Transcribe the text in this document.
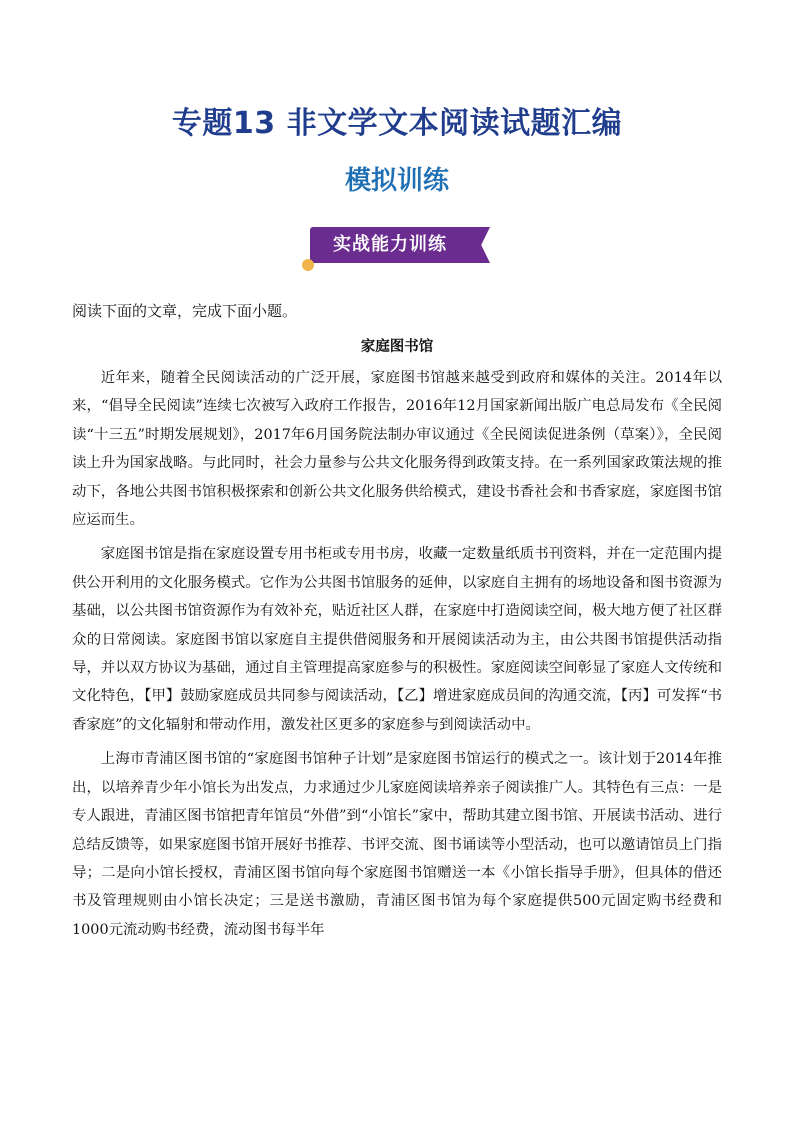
专题13 非文学文本阅读试题汇编
模拟训练
实战能力训练
阅读下面的文章，完成下面小题。
家庭图书馆

近年来，随着全民阅读活动的广泛开展，家庭图书馆越来越受到政府和媒体的关注。2014年以来，“倡导全民阅读”连续七次被写入政府工作报告，2016年12月国家新闻出版广电总局发布《全民阅读“十三五”时期发展规划》，2017年6月国务院法制办审议通过《全民阅读促进条例（草案）》，全民阅读上升为国家战略。与此同时，社会力量参与公共文化服务得到政策支持。在一系列国家政策法规的推动下，各地公共图书馆积极探索和创新公共文化服务供给模式，建设书香社会和书香家庭，家庭图书馆应运而生。

家庭图书馆是指在家庭设置专用书柜或专用书房，收藏一定数量纸质书刊资料，并在一定范围内提供公开利用的文化服务模式。它作为公共图书馆服务的延伸，以家庭自主拥有的场地设备和图书资源为基础，以公共图书馆资源作为有效补充，贴近社区人群，在家庭中打造阅读空间，极大地方便了社区群众的日常阅读。家庭图书馆以家庭自主提供借阅服务和开展阅读活动为主，由公共图书馆提供活动指导，并以双方协议为基础，通过自主管理提高家庭参与的积极性。家庭阅读空间彰显了家庭人文传统和文化特色，【甲】鼓励家庭成员共同参与阅读活动，【乙】增进家庭成员间的沟通交流，【丙】可发挥“书香家庭”的文化辐射和带动作用，激发社区更多的家庭参与到阅读活动中。

上海市青浦区图书馆的“家庭图书馆种子计划”是家庭图书馆运行的模式之一。该计划于2014年推出，以培养青少年小馆长为出发点，力求通过少儿家庭阅读培养亲子阅读推广人。其特色有三点：一是专人跟进，青浦区图书馆把青年馆员“外借”到“小馆长”家中，帮助其建立图书馆、开展读书活动、进行总结反馈等，如果家庭图书馆开展好书推荐、书评交流、图书诵读等小型活动，也可以邀请馆员上门指导；二是向小馆长授权，青浦区图书馆向每个家庭图书馆赠送一本《小馆长指导手册》，但具体的借还书及管理规则由小馆长决定；三是送书激励，青浦区图书馆为每个家庭提供500元固定购书经费和1000元流动购书经费，流动图书每半年
